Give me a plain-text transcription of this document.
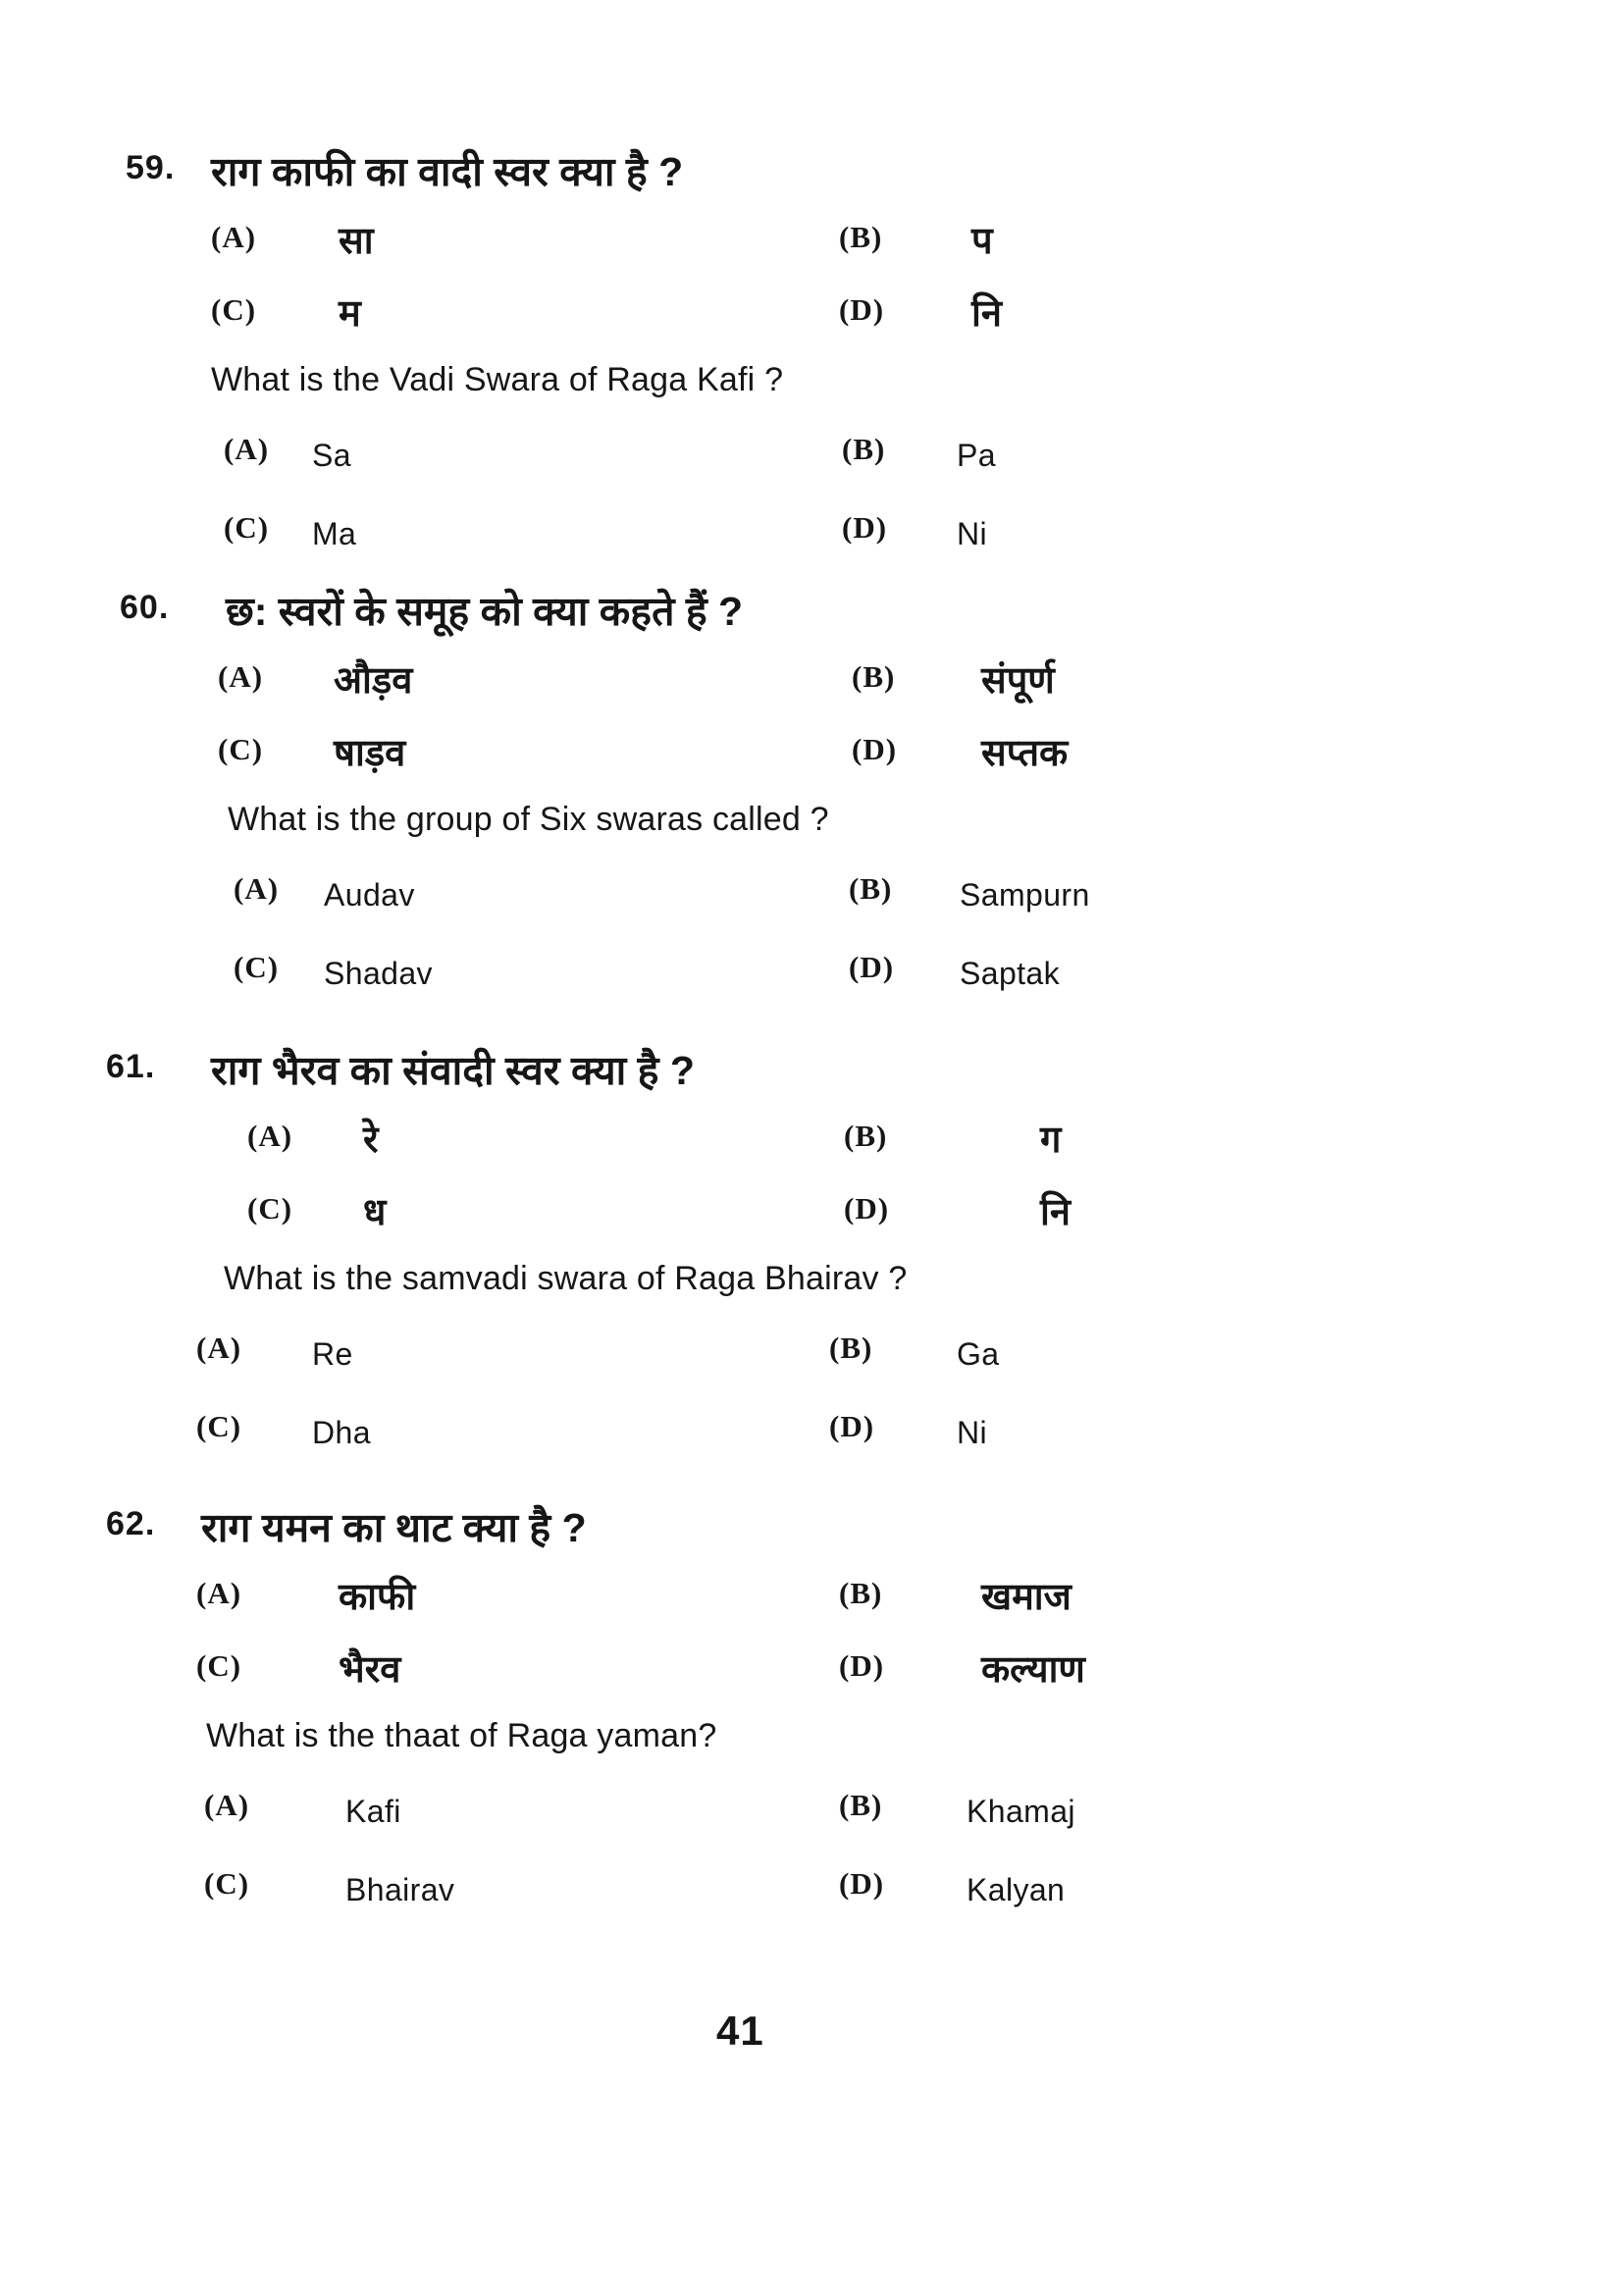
59. राग काफी का वादी स्वर क्या है ?
(A) सा	(B) प
(C) म	(D) नि
What is the Vadi Swara of Raga Kafi ?
(A) Sa	(B) Pa
(C) Ma	(D) Ni
60. छ: स्वरों के समूह को क्या कहते हैं ?
(A) औड़व	(B) संपूर्ण
(C) षाड़व	(D) सप्तक
What is the group of Six swaras called ?
(A) Audav	(B) Sampurn
(C) Shadav	(D) Saptak
61. राग भैरव का संवादी स्वर क्या है ?
(A) रे	(B)	ग
(C) ध	(D)	नि
What is the samvadi swara of Raga Bhairav ?
(A) Re	(B)	Ga
(C) Dha	(D)	Ni
62. राग यमन का थाट क्या है ?
(A)	काफी	(B)	खमाज
(C)	भैरव	(D)	कल्याण
What is the thaat of Raga yaman?
(A)	Kafi	(B)	Khamaj
(C)	Bhairav	(D)	Kalyan
41
